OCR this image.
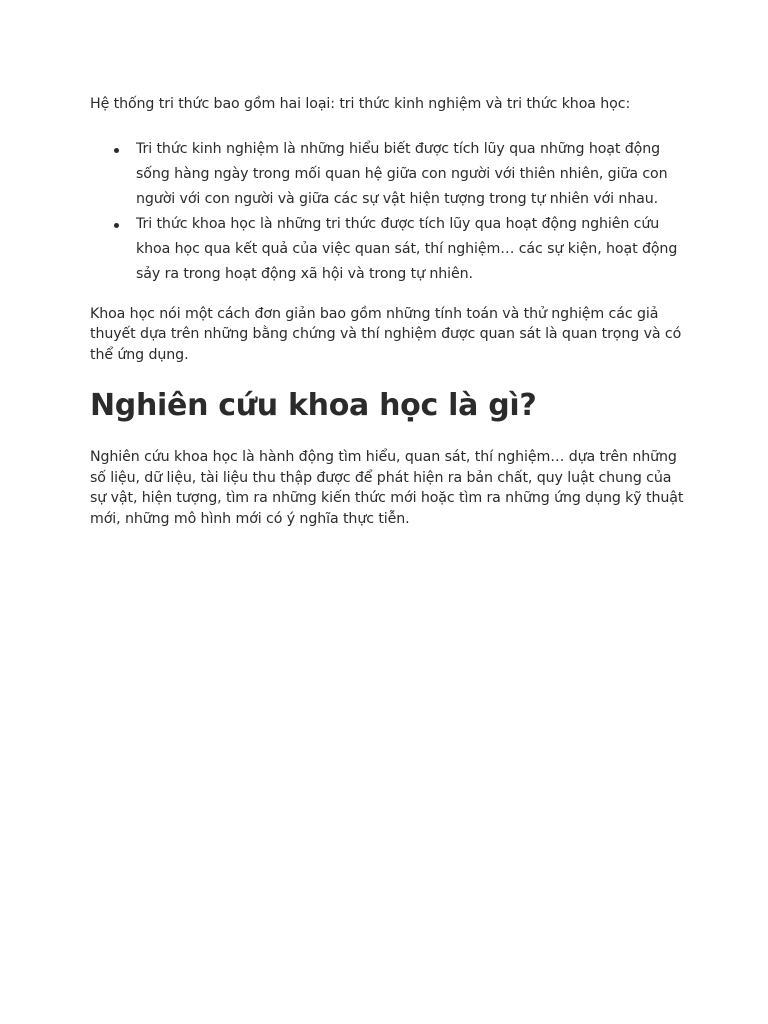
Hệ thống tri thức bao gồm hai loại: tri thức kinh nghiệm và tri thức khoa học:

Tri thức kinh nghiệm là những hiểu biết được tích lũy qua những hoạt động sống hàng ngày trong mối quan hệ giữa con người với thiên nhiên, giữa con người với con người và giữa các sự vật hiện tượng trong tự nhiên với nhau.
Tri thức khoa học là những tri thức được tích lũy qua hoạt động nghiên cứu khoa học qua kết quả của việc quan sát, thí nghiệm… các sự kiện, hoạt động sảy ra trong hoạt động xã hội và trong tự nhiên.

Khoa học nói một cách đơn giản bao gồm những tính toán và thử nghiệm các giả thuyết dựa trên những bằng chứng và thí nghiệm được quan sát là quan trọng và có thể ứng dụng.

Nghiên cứu khoa học là gì?

Nghiên cứu khoa học là hành động tìm hiểu, quan sát, thí nghiệm… dựa trên những số liệu, dữ liệu, tài liệu thu thập được để phát hiện ra bản chất, quy luật chung của sự vật, hiện tượng, tìm ra những kiến thức mới hoặc tìm ra những ứng dụng kỹ thuật mới, những mô hình mới có ý nghĩa thực tiễn.
